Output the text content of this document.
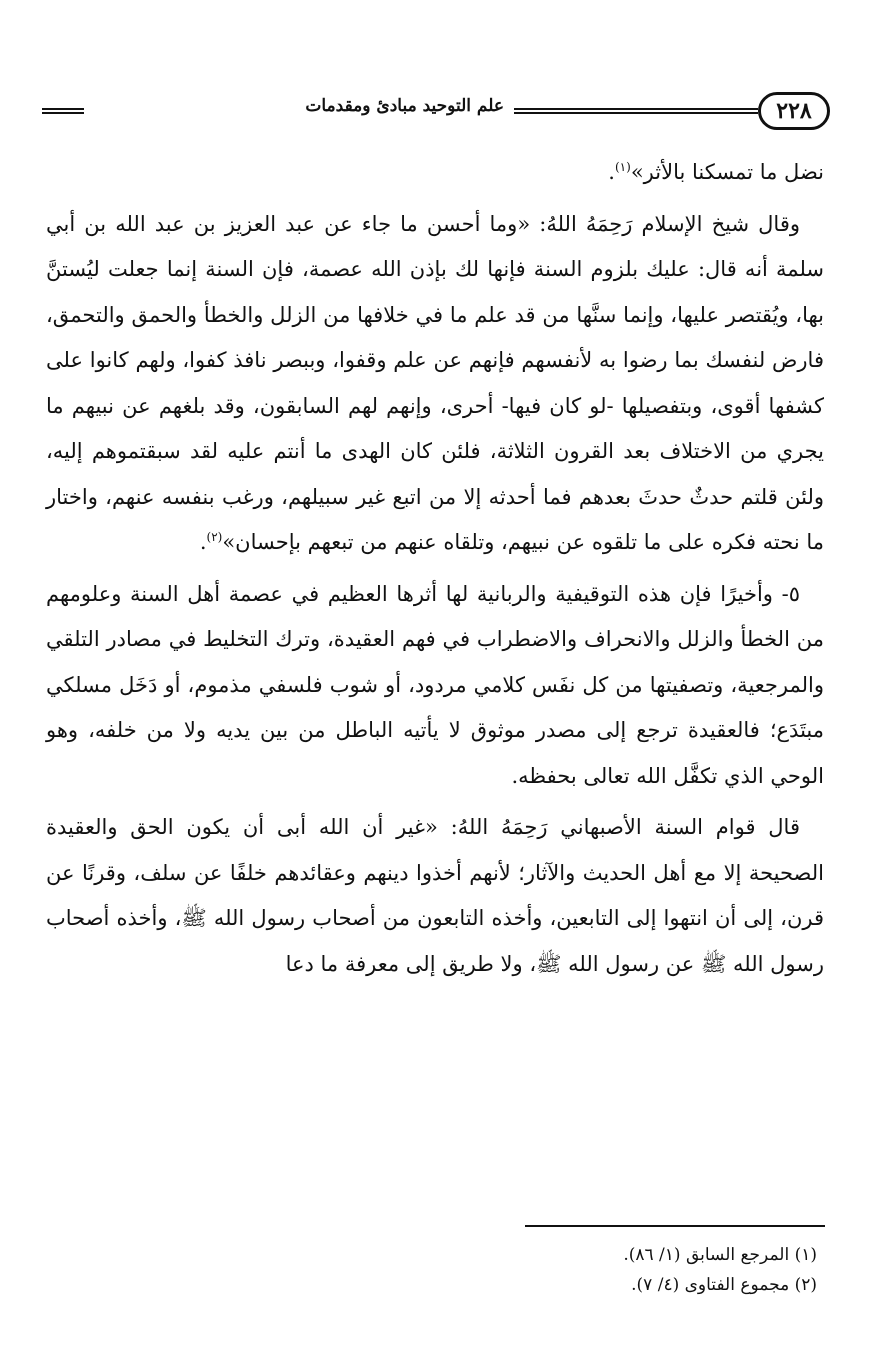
٢٢٨
علم التوحيد مبادئ ومقدمات

نضل ما تمسكنا بالأثر»$^{(١)}$.

وقال شيخ الإسلام رَحِمَهُ اللهُ: «وما أحسن ما جاء عن عبد العزيز بن عبد الله بن أبي سلمة أنه قال: عليك بلزوم السنة فإنها لك بإذن الله عصمة، فإن السنة إنما جعلت ليُستنَّ بها، ويُقتصر عليها، وإنما سنَّها من قد علم ما في خلافها من الزلل والخطأ والحمق والتحمق، فارض لنفسك بما رضوا به لأنفسهم فإنهم عن علم وقفوا، وببصر نافذ كفوا، ولهم كانوا على كشفها أقوى، وبتفصيلها -لو كان فيها- أحرى، وإنهم لهم السابقون، وقد بلغهم عن نبيهم ما يجري من الاختلاف بعد القرون الثلاثة، فلئن كان الهدى ما أنتم عليه لقد سبقتموهم إليه، ولئن قلتم حدثٌ حدثَ بعدهم فما أحدثه إلا من اتبع غير سبيلهم، ورغب بنفسه عنهم، واختار ما نحته فكره على ما تلقوه عن نبيهم، وتلقاه عنهم من تبعهم بإحسان»$^{(٢)}$.

٥- وأخيرًا فإن هذه التوقيفية والربانية لها أثرها العظيم في عصمة أهل السنة وعلومهم من الخطأ والزلل والانحراف والاضطراب في فهم العقيدة، وترك التخليط في مصادر التلقي والمرجعية، وتصفيتها من كل نفَس كلامي مردود، أو شوب فلسفي مذموم، أو دَخَل مسلكي مبتَدَع؛ فالعقيدة ترجع إلى مصدر موثوق لا يأتيه الباطل من بين يديه ولا من خلفه، وهو الوحي الذي تكفَّل الله تعالى بحفظه.

قال قوام السنة الأصبهاني رَحِمَهُ اللهُ: «غير أن الله أبى أن يكون الحق والعقيدة الصحيحة إلا مع أهل الحديث والآثار؛ لأنهم أخذوا دينهم وعقائدهم خلفًا عن سلف، وقرنًا عن قرن، إلى أن انتهوا إلى التابعين، وأخذه التابعون من أصحاب رسول الله ﷺ، وأخذه أصحاب رسول الله ﷺ عن رسول الله ﷺ، ولا طريق إلى معرفة ما دعا

(١) المرجع السابق (١/ ٨٦).
(٢) مجموع الفتاوى (٤/ ٧).
